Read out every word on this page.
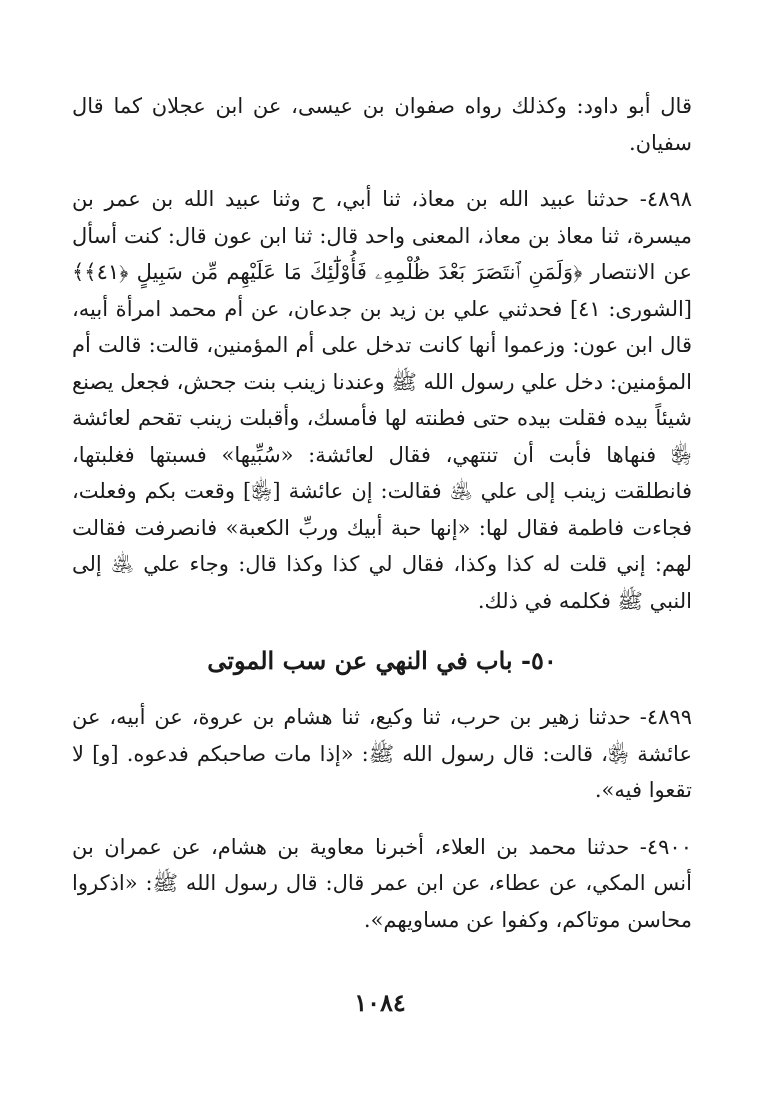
قال أبو داود: وكذلك رواه صفوان بن عيسى، عن ابن عجلان كما قال سفيان.

٤٨٩٨- حدثنا عبيد الله بن معاذ، ثنا أبي، ح وثنا عبيد الله بن عمر بن ميسرة، ثنا معاذ بن معاذ، المعنى واحد قال: ثنا ابن عون قال: كنت أسأل عن الانتصار ﴿وَلَمَنِ ٱنتَصَرَ بَعْدَ ظُلْمِهِۦ فَأُوْلَٰٓئِكَ مَا عَلَيْهِم مِّن سَبِيلٍ ﴿٤١﴾﴾ [الشورى: ٤١] فحدثني علي بن زيد بن جدعان، عن أم محمد امرأة أبيه، قال ابن عون: وزعموا أنها كانت تدخل على أم المؤمنين، قالت: قالت أم المؤمنين: دخل علي رسول الله ﷺ وعندنا زينب بنت جحش، فجعل يصنع شيئاً بيده فقلت بيده حتى فطنته لها فأمسك، وأقبلت زينب تقحم لعائشة ﵂ فنهاها فأبت أن تنتهي، فقال لعائشة: «سُبِّيها» فسبتها فغلبتها، فانطلقت زينب إلى علي ﵁ فقالت: إن عائشة [﵂] وقعت بكم وفعلت، فجاءت فاطمة فقال لها: «إنها حبة أبيك وربِّ الكعبة» فانصرفت فقالت لهم: إني قلت له كذا وكذا، فقال لي كذا وكذا قال: وجاء علي ﵁ إلى النبي ﷺ فكلمه في ذلك.

٥٠- باب في النهي عن سب الموتى

٤٨٩٩- حدثنا زهير بن حرب، ثنا وكيع، ثنا هشام بن عروة، عن أبيه، عن عائشة ﵂، قالت: قال رسول الله ﷺ: «إذا مات صاحبكم فدعوه. [و] لا تقعوا فيه».

٤٩٠٠- حدثنا محمد بن العلاء، أخبرنا معاوية بن هشام، عن عمران بن أنس المكي، عن عطاء، عن ابن عمر قال: قال رسول الله ﷺ: «اذكروا محاسن موتاكم، وكفوا عن مساويهم».

١٠٨٤
